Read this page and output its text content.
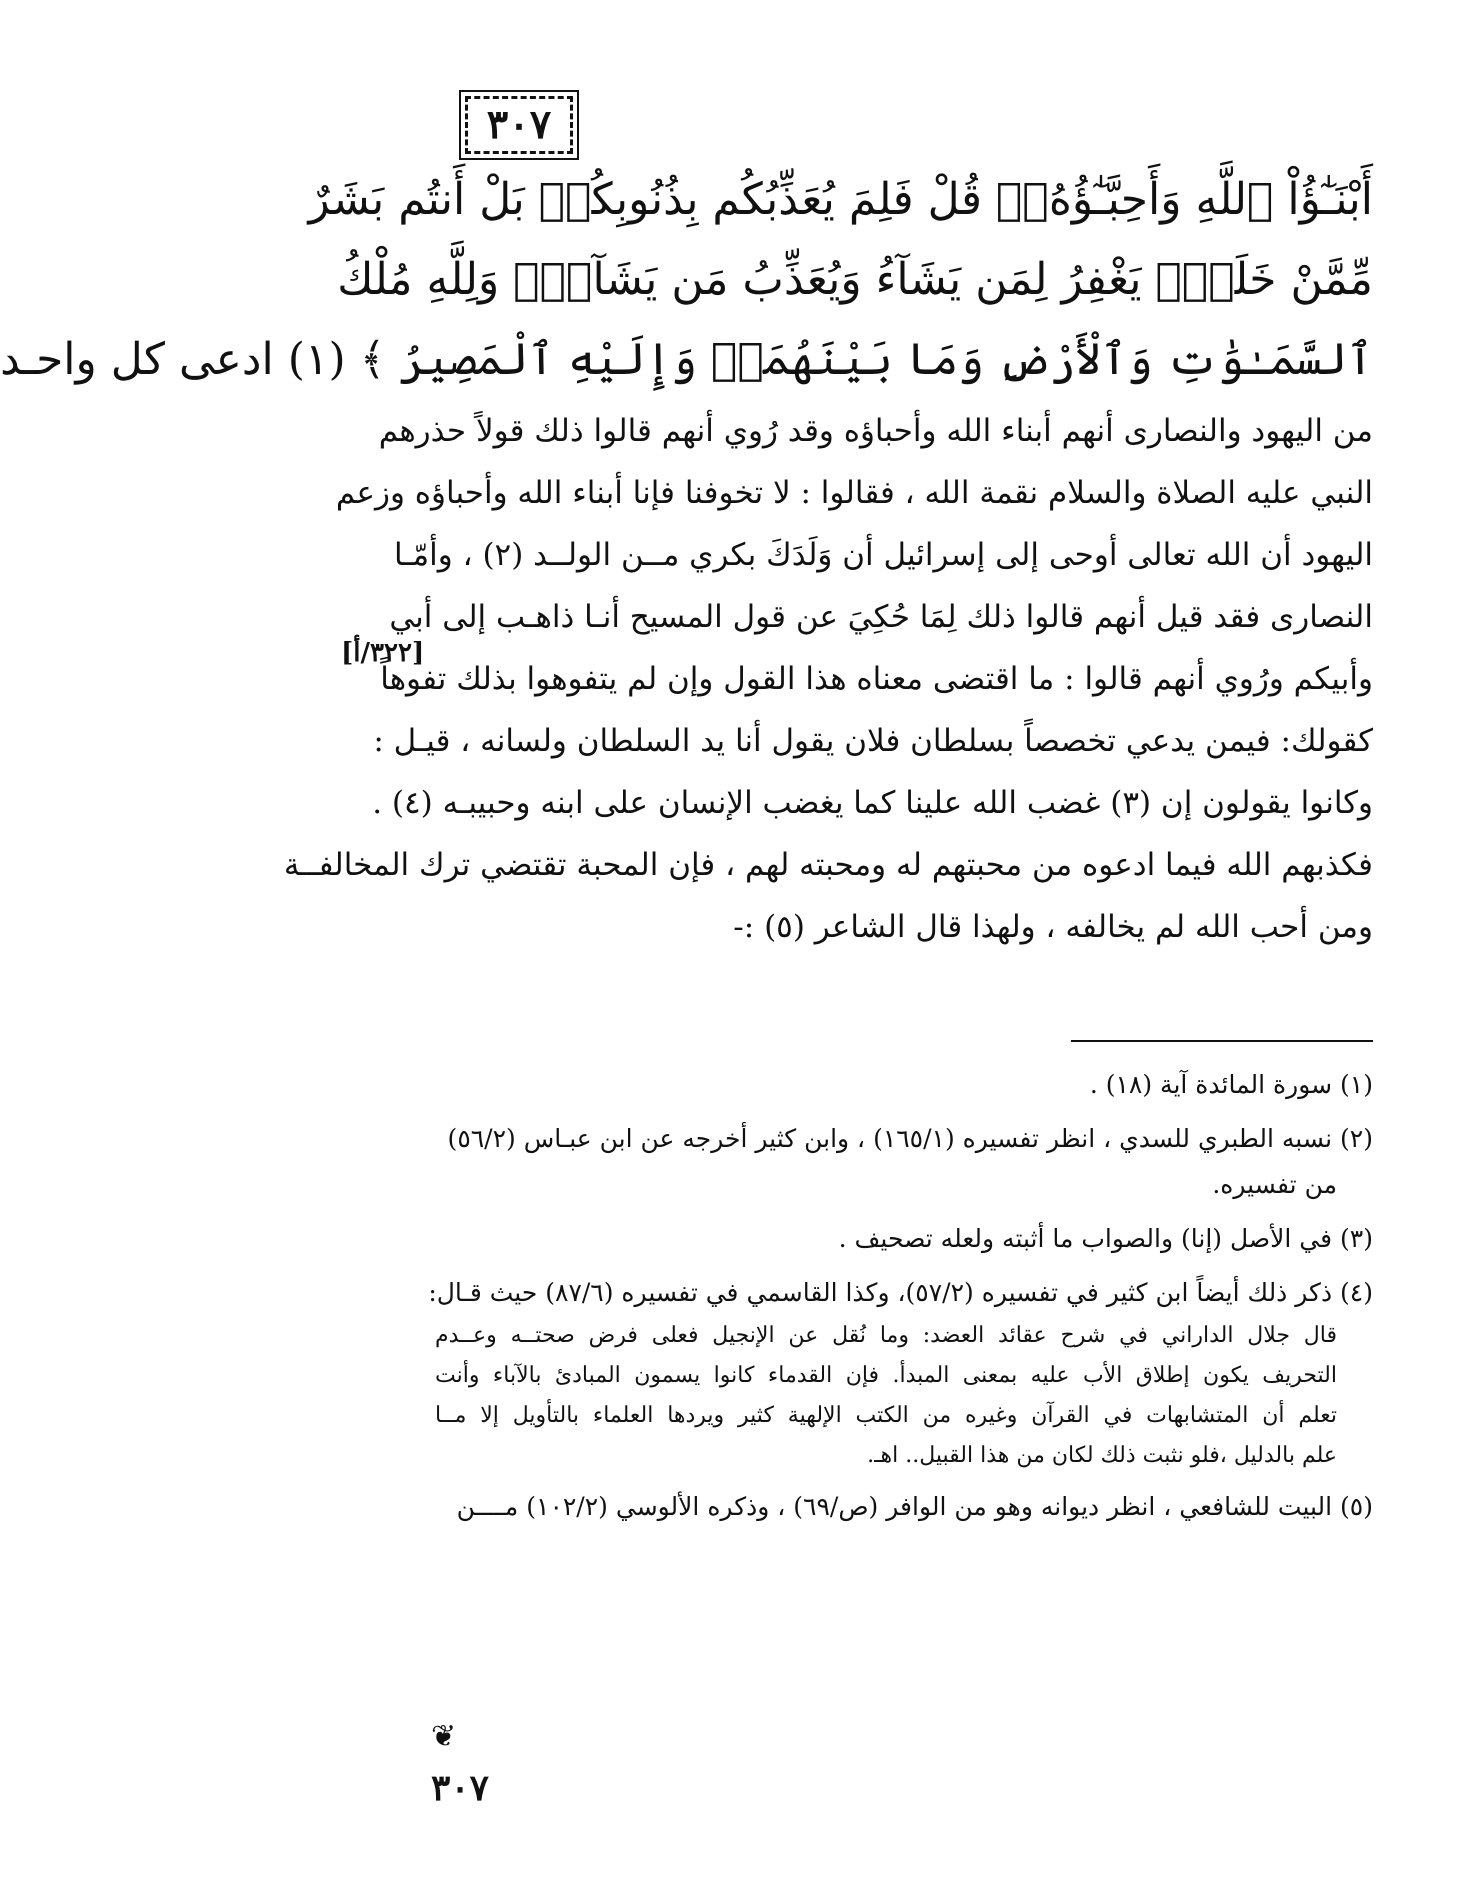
٣٠٧
أَبْنَـٰٓؤُاْ ٱللَّهِ وَأَحِبَّـٰٓؤُهُۥۚ قُلْ فَلِمَ يُعَذِّبُكُم بِذُنُوبِكُمۖ بَلْ أَنتُم بَشَرٌ
مِّمَّنْ خَلَقَۚ يَغْفِرُ لِمَن يَشَآءُ وَيُعَذِّبُ مَن يَشَآءُۚ وَلِلَّهِ مُلْكُ
ٱلسَّمَـٰوَٰتِ وَٱلْأَرْضِ وَمَا بَيْنَهُمَاۖ وَإِلَيْهِ ٱلْمَصِيرُ ﴾ (١) ادعى كل واحـد
من اليهود والنصارى أنهم أبناء الله وأحباؤه وقد رُوي أنهم قالوا ذلك قولاً حذرهم
النبي عليه الصلاة والسلام نقمة الله ، فقالوا : لا تخوفنا فإنا أبناء الله وأحباؤه وزعم
اليهود أن الله تعالى أوحى إلى إسرائيل أن وَلَدَكَ بكري مــن الولــد (٢) ، وأمّـا
النصارى فقد قيل أنهم قالوا ذلك لِمَا حُكِيَ عن قول المسيح أنـا ذاهـب إلى أبي
وأبيكم ورُوي أنهم قالوا : ما اقتضى معناه هذا القول وإن لم يتفوهوا بذلك تفوهاً
كقولك: فيمن يدعي تخصصاً بسلطان فلان يقول أنا يد السلطان ولسانه ، قيـل :
وكانوا يقولون إن (٣) غضب الله علينا كما يغضب الإنسان على ابنه وحبيبـه (٤) .
فكذبهم الله فيما ادعوه من محبتهم له ومحبته لهم ، فإن المحبة تقتضي ترك المخالفــة
ومن أحب الله لم يخالفه ، ولهذا قال الشاعر (٥) :-
[٣٢٢/أ]
(١) سورة المائدة آية (١٨) .
(٢) نسبه الطبري للسدي ، انظر تفسيره (١٦٥/١) ، وابن كثير أخرجه عن ابن عبـاس (٥٦/٢)
من تفسيره.
(٣) في الأصل (إنا) والصواب ما أثبته ولعله تصحيف .
(٤) ذكر ذلك أيضاً ابن كثير في تفسيره (٥٧/٢)، وكذا القاسمي في تفسيره (٨٧/٦) حيث قـال:
قال جلال الداراني في شرح عقائد العضد: وما نُقل عن الإنجيل فعلى فرض صحتــه وعــدم
التحريف يكون إطلاق الأب عليه بمعنى المبدأ. فإن القدماء كانوا يسمون المبادئ بالآباء وأنت
تعلم أن المتشابهات في القرآن وغيره من الكتب الإلهية كثير ويردها العلماء بالتأويل إلا مــا
علم بالدليل ،فلو نثبت ذلك لكان من هذا القبيل.. اهـ.
(٥) البيت للشافعي ، انظر ديوانه وهو من الوافر (ص/٦٩) ، وذكره الألوسي (١٠٢/٢) مــــن
❦
٣٠٧
